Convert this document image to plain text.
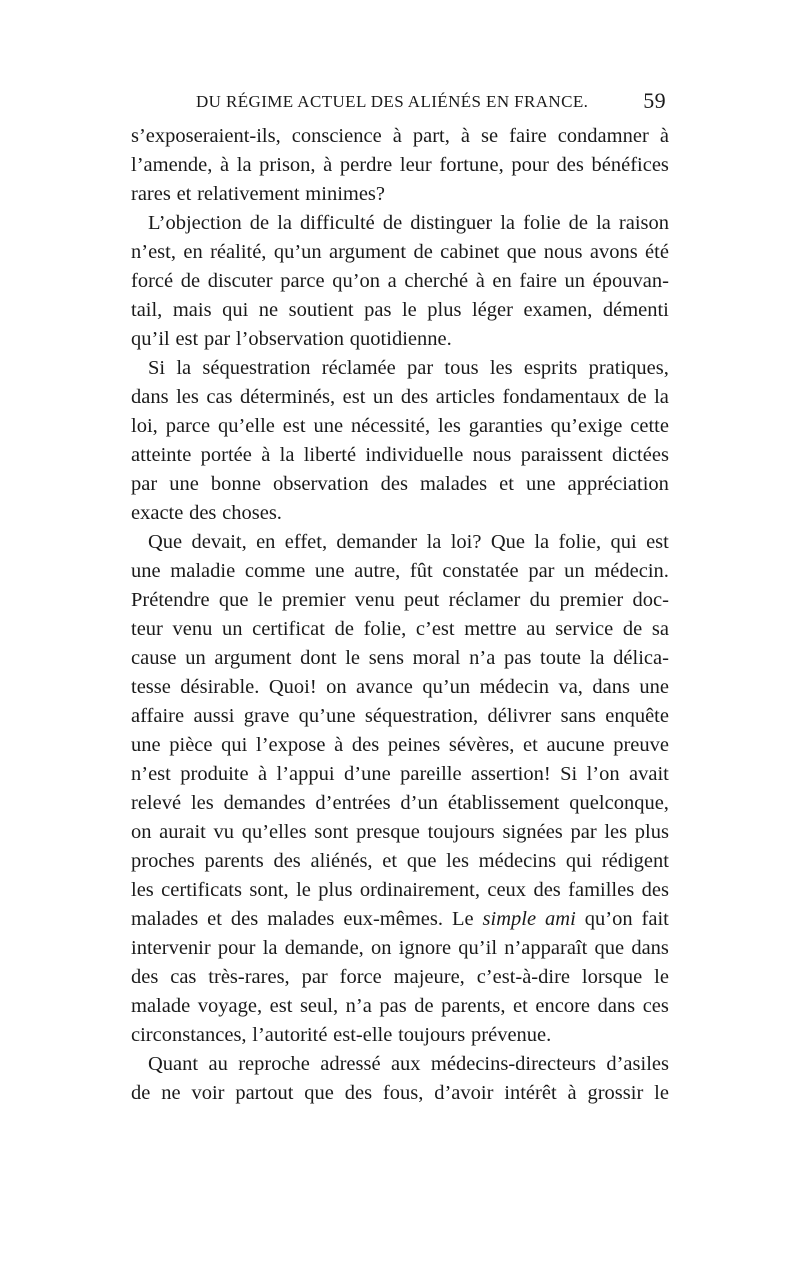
DU RÉGIME ACTUEL DES ALIÉNÉS EN FRANCE. 59
s’exposeraient-ils, conscience à part, à se faire condamner à
l’amende, à la prison, à perdre leur fortune, pour des bénéfices
rares et relativement minimes?
L’objection de la difficulté de distinguer la folie de la raison
n’est, en réalité, qu’un argument de cabinet que nous avons été
forcé de discuter parce qu’on a cherché à en faire un épouvan-
tail, mais qui ne soutient pas le plus léger examen, démenti
qu’il est par l’observation quotidienne.
Si la séquestration réclamée par tous les esprits pratiques,
dans les cas déterminés, est un des articles fondamentaux de la
loi, parce qu’elle est une nécessité, les garanties qu’exige cette
atteinte portée à la liberté individuelle nous paraissent dictées
par une bonne observation des malades et une appréciation
exacte des choses.
Que devait, en effet, demander la loi? Que la folie, qui est
une maladie comme une autre, fût constatée par un médecin.
Prétendre que le premier venu peut réclamer du premier doc-
teur venu un certificat de folie, c’est mettre au service de sa
cause un argument dont le sens moral n’a pas toute la délica-
tesse désirable. Quoi! on avance qu’un médecin va, dans une
affaire aussi grave qu’une séquestration, délivrer sans enquête
une pièce qui l’expose à des peines sévères, et aucune preuve
n’est produite à l’appui d’une pareille assertion! Si l’on avait
relevé les demandes d’entrées d’un établissement quelconque,
on aurait vu qu’elles sont presque toujours signées par les plus
proches parents des aliénés, et que les médecins qui rédigent
les certificats sont, le plus ordinairement, ceux des familles des
malades et des malades eux-mêmes. Le simple ami qu’on fait
intervenir pour la demande, on ignore qu’il n’apparaît que dans
des cas très-rares, par force majeure, c’est-à-dire lorsque le
malade voyage, est seul, n’a pas de parents, et encore dans ces
circonstances, l’autorité est-elle toujours prévenue.
Quant au reproche adressé aux médecins-directeurs d’asiles
de ne voir partout que des fous, d’avoir intérêt à grossir le
